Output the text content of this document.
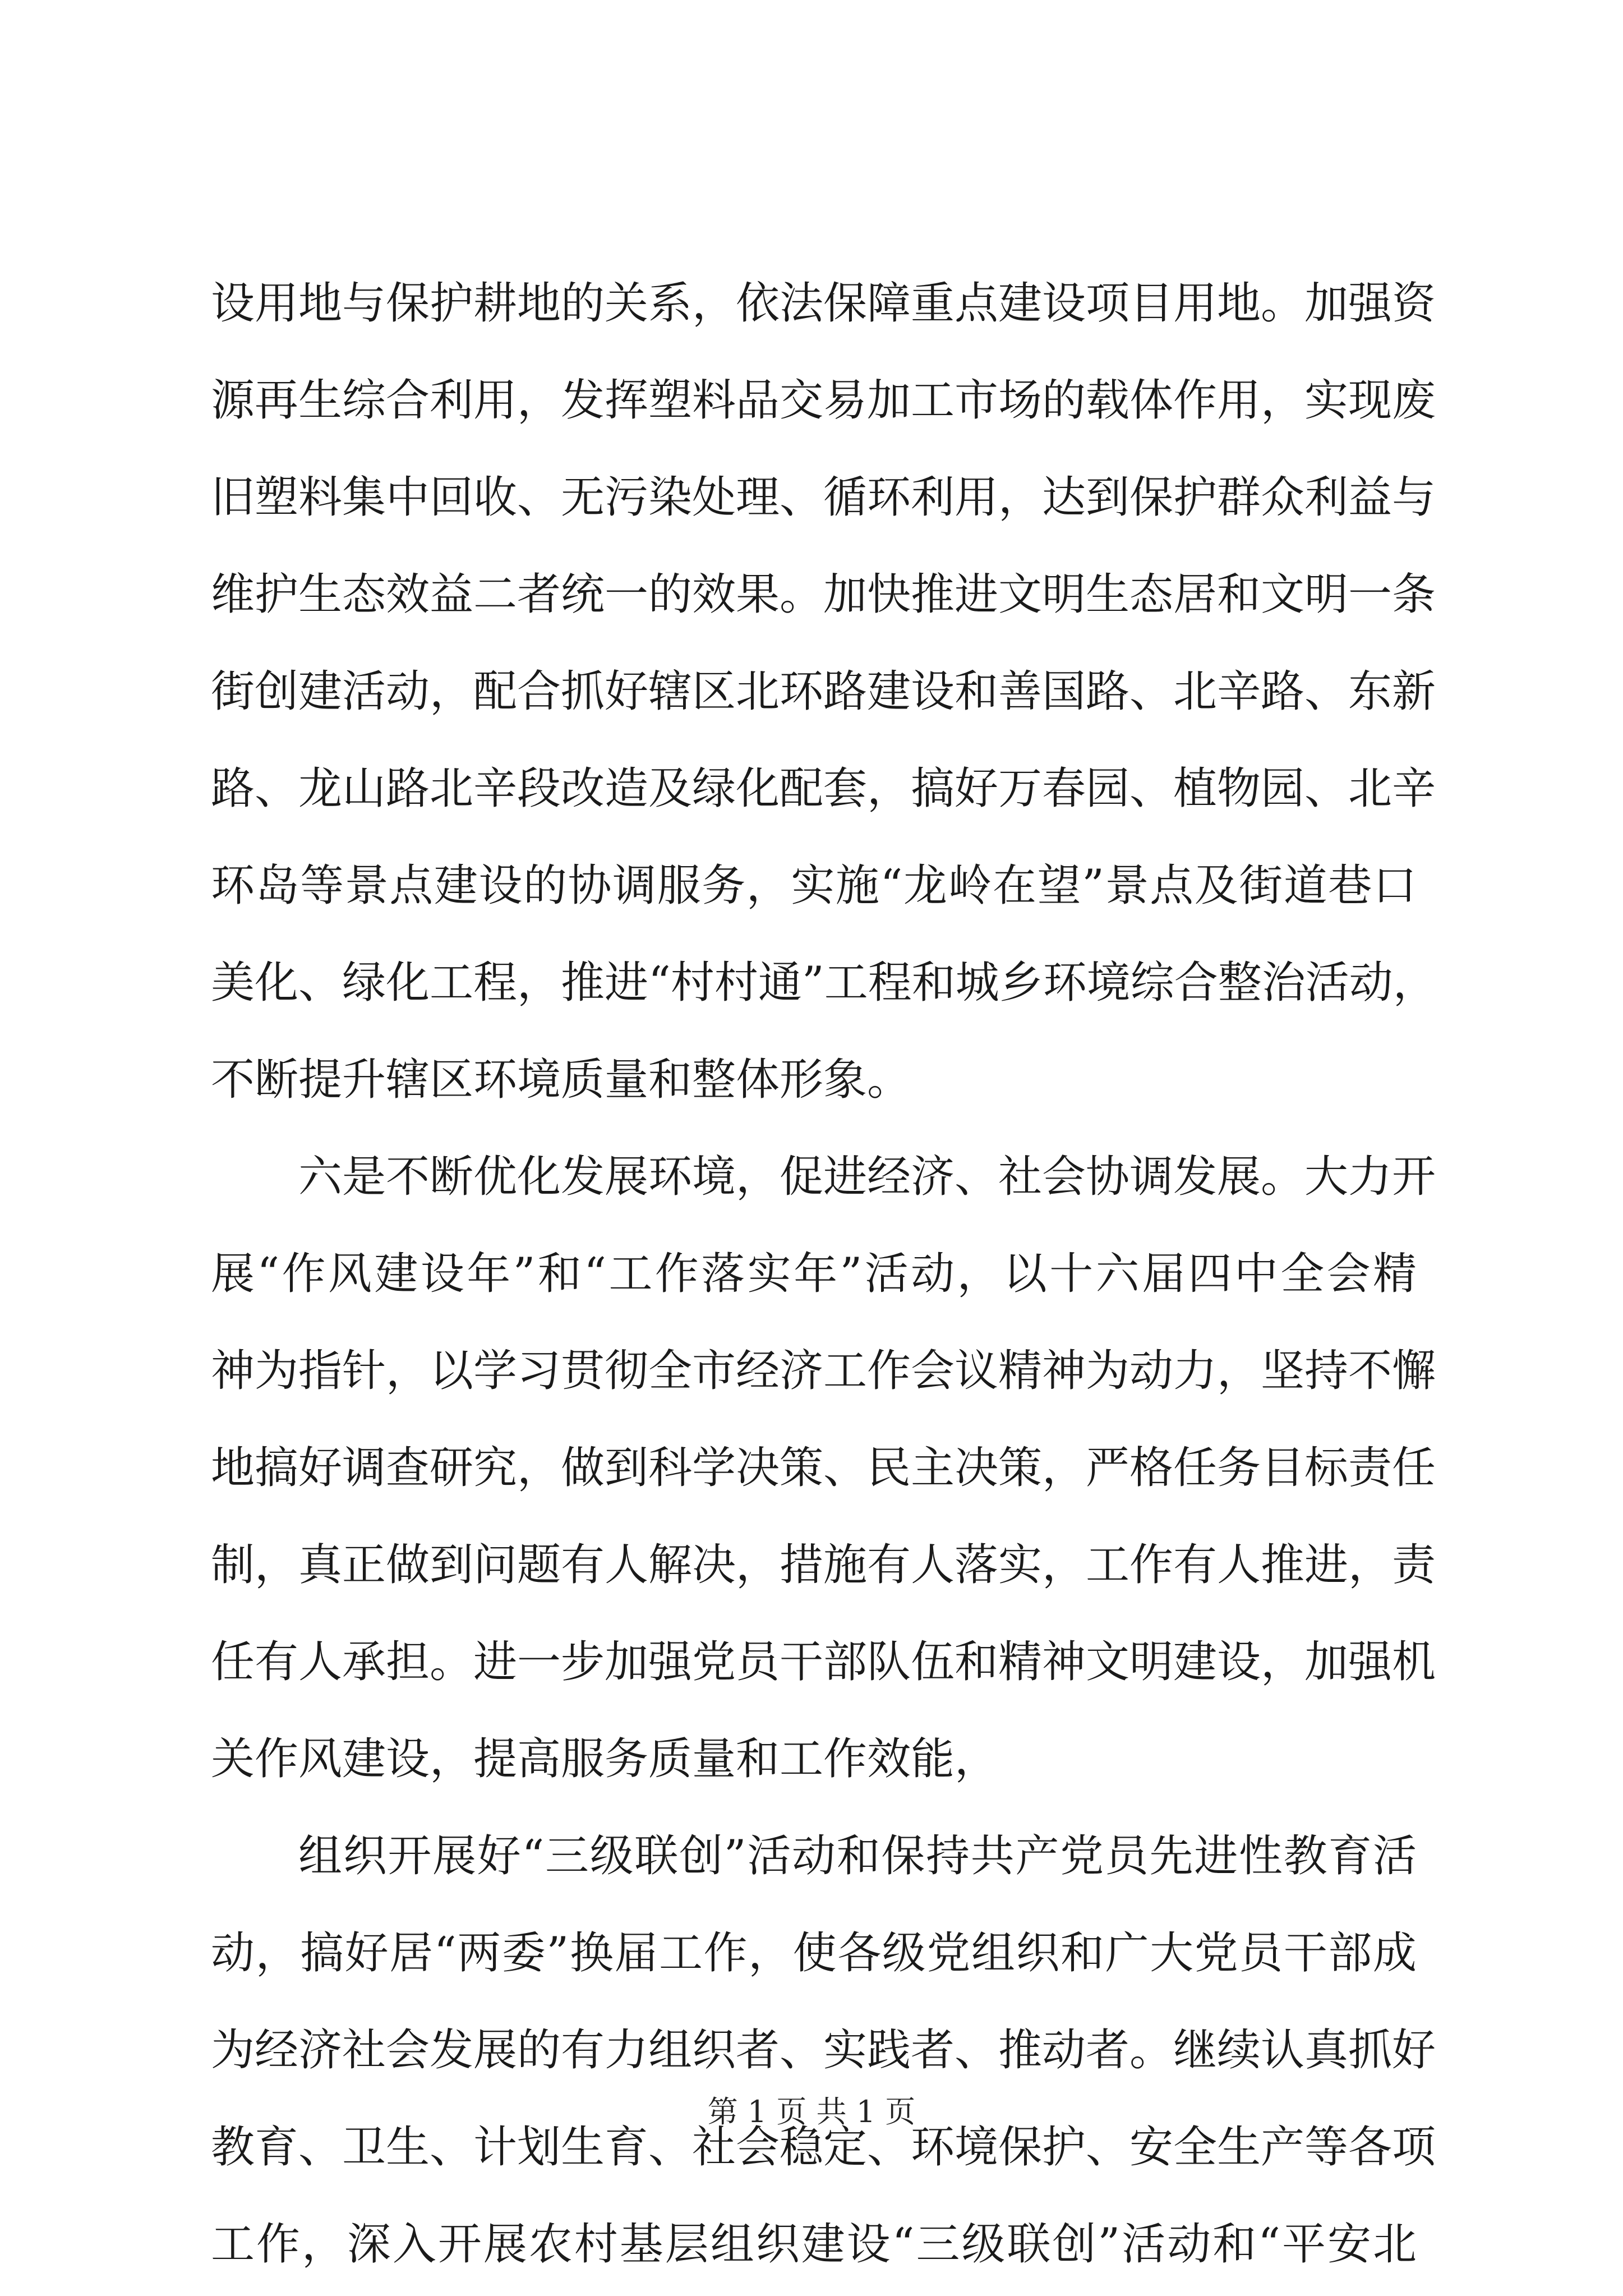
设用地与保护耕地的关系，依法保障重点建设项目用地。加强资
源再生综合利用，发挥塑料品交易加工市场的载体作用，实现废
旧塑料集中回收、无污染处理、循环利用，达到保护群众利益与
维护生态效益二者统一的效果。加快推进文明生态居和文明一条
街创建活动，配合抓好辖区北环路建设和善国路、北辛路、东新
路、龙山路北辛段改造及绿化配套，搞好万春园、植物园、北辛
环岛等景点建设的协调服务，实施“龙岭在望”景点及街道巷口
美化、绿化工程，推进“村村通”工程和城乡环境综合整治活动，
不断提升辖区环境质量和整体形象。
六是不断优化发展环境，促进经济、社会协调发展。大力开
展“作风建设年”和“工作落实年”活动，以十六届四中全会精
神为指针，以学习贯彻全市经济工作会议精神为动力，坚持不懈
地搞好调查研究，做到科学决策、民主决策，严格任务目标责任
制，真正做到问题有人解决，措施有人落实，工作有人推进，责
任有人承担。进一步加强党员干部队伍和精神文明建设，加强机
关作风建设，提高服务质量和工作效能，
组织开展好“三级联创”活动和保持共产党员先进性教育活
动，搞好居“两委”换届工作，使各级党组织和广大党员干部成
为经济社会发展的有力组织者、实践者、推动者。继续认真抓好
教育、卫生、计划生育、社会稳定、环境保护、安全生产等各项
工作，深入开展农村基层组织建设“三级联创”活动和“平安北
第 1 页 共 1 页
